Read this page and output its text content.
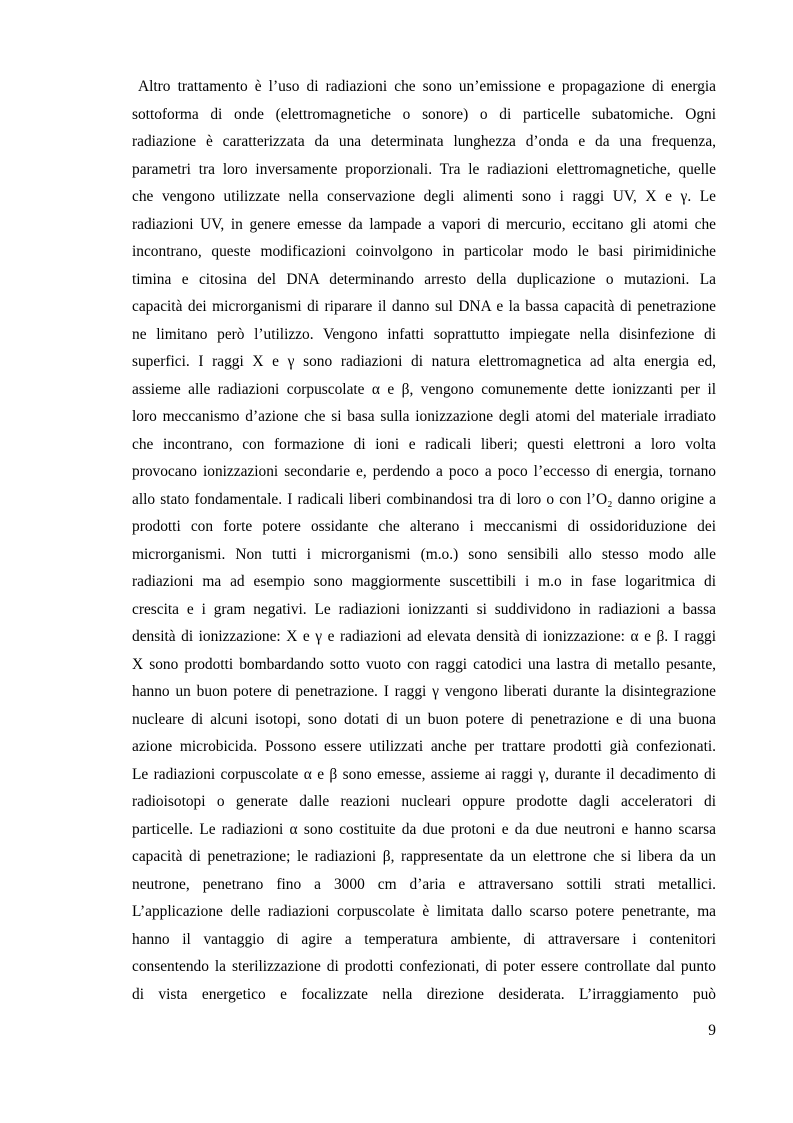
Altro trattamento è l’uso di radiazioni che sono un’emissione e propagazione di energia
sottoforma di onde (elettromagnetiche o sonore) o di particelle subatomiche. Ogni
radiazione è caratterizzata da una determinata lunghezza d’onda e da una frequenza,
parametri tra loro inversamente proporzionali. Tra le radiazioni elettromagnetiche, quelle
che vengono utilizzate nella conservazione degli alimenti sono i raggi UV, X e γ. Le
radiazioni UV, in genere emesse da lampade a vapori di mercurio, eccitano gli atomi che
incontrano, queste modificazioni coinvolgono in particolar modo le basi pirimidiniche
timina e citosina del DNA determinando arresto della duplicazione o mutazioni. La
capacità dei microrganismi di riparare il danno sul DNA e la bassa capacità di penetrazione
ne limitano però l’utilizzo. Vengono infatti soprattutto impiegate nella disinfezione di
superfici. I raggi X e γ sono radiazioni di natura elettromagnetica ad alta energia ed,
assieme alle radiazioni corpuscolate α e β, vengono comunemente dette ionizzanti per il
loro meccanismo d’azione che si basa sulla ionizzazione degli atomi del materiale irradiato
che incontrano, con formazione di ioni e radicali liberi; questi elettroni a loro volta
provocano ionizzazioni secondarie e, perdendo a poco a poco l’eccesso di energia, tornano
allo stato fondamentale. I radicali liberi combinandosi tra di loro o con l’O₂ danno origine a
prodotti con forte potere ossidante che alterano i meccanismi di ossidoriduzione dei
microrganismi. Non tutti i microrganismi (m.o.) sono sensibili allo stesso modo alle
radiazioni ma ad esempio sono maggiormente suscettibili i m.o in fase logaritmica di
crescita e i gram negativi. Le radiazioni ionizzanti si suddividono in radiazioni a bassa
densità di ionizzazione: X e γ e radiazioni ad elevata densità di ionizzazione: α e β. I raggi
X sono prodotti bombardando sotto vuoto con raggi catodici una lastra di metallo pesante,
hanno un buon potere di penetrazione. I raggi γ vengono liberati durante la disintegrazione
nucleare di alcuni isotopi, sono dotati di un buon potere di penetrazione e di una buona
azione microbicida. Possono essere utilizzati anche per trattare prodotti già confezionati.
Le radiazioni corpuscolate α e β sono emesse, assieme ai raggi γ, durante il decadimento di
radioisotopi o generate dalle reazioni nucleari oppure prodotte dagli acceleratori di
particelle. Le radiazioni α sono costituite da due protoni e da due neutroni e hanno scarsa
capacità di penetrazione; le radiazioni β, rappresentate da un elettrone che si libera da un
neutrone, penetrano fino a 3000 cm d’aria e attraversano sottili strati metallici.
L’applicazione delle radiazioni corpuscolate è limitata dallo scarso potere penetrante, ma
hanno il vantaggio di agire a temperatura ambiente, di attraversare i contenitori
consentendo la sterilizzazione di prodotti confezionati, di poter essere controllate dal punto
di vista energetico e focalizzate nella direzione desiderata. L’irraggiamento può
9
